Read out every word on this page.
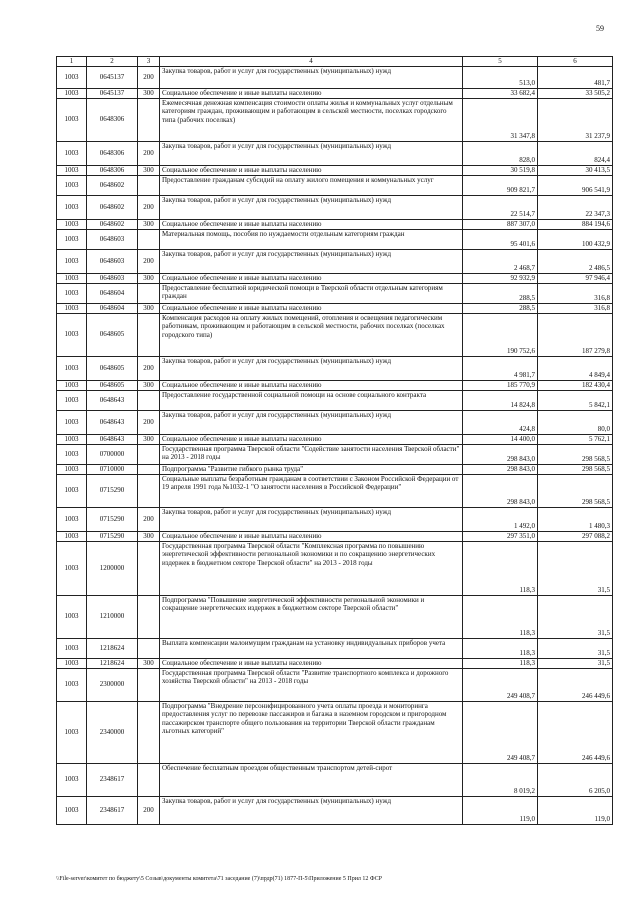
59
1	2	3	4	5	6
1003	0645137	200	Закупка товаров, работ и услуг для государственных (муниципальных) нужд	513,0	481,7
1003	0645137	300	Социальное обеспечение и иные выплаты населению	33 682,4	33 505,2
1003	0648306		Ежемесячная денежная компенсация стоимости оплаты жилья и коммунальных услуг отдельным категориям граждан, проживающим и работающим в сельской местности, поселках городского типа (рабочих поселках)	31 347,8	31 237,9
1003	0648306	200	Закупка товаров, работ и услуг для государственных (муниципальных) нужд	828,0	824,4
1003	0648306	300	Социальное обеспечение и иные выплаты населению	30 519,8	30 413,5
1003	0648602		Предоставление гражданам субсидий на оплату жилого помещения и коммунальных услуг	909 821,7	906 541,9
1003	0648602	200	Закупка товаров, работ и услуг для государственных (муниципальных) нужд	22 514,7	22 347,3
1003	0648602	300	Социальное обеспечение и иные выплаты населению	887 307,0	884 194,6
1003	0648603		Материальная помощь, пособия по нуждаемости отдельным категориям граждан	95 401,6	100 432,9
1003	0648603	200	Закупка товаров, работ и услуг для государственных (муниципальных) нужд	2 468,7	2 486,5
1003	0648603	300	Социальное обеспечение и иные выплаты населению	92 932,9	97 946,4
1003	0648604		Предоставление бесплатной юридической помощи в Тверской области отдельным категориям граждан	288,5	316,8
1003	0648604	300	Социальное обеспечение и иные выплаты населению	288,5	316,8
1003	0648605		Компенсация расходов на оплату жилых помещений, отопления и освещения педагогическим работникам, проживающим и работающим в сельской местности, рабочих поселках (поселках городского типа)	190 752,6	187 279,8
1003	0648605	200	Закупка товаров, работ и услуг для государственных (муниципальных) нужд	4 981,7	4 849,4
1003	0648605	300	Социальное обеспечение и иные выплаты населению	185 770,9	182 430,4
1003	0648643		Предоставление государственной социальной помощи на основе социального контракта	14 824,8	5 842,1
1003	0648643	200	Закупка товаров, работ и услуг для государственных (муниципальных) нужд	424,8	80,0
1003	0648643	300	Социальное обеспечение и иные выплаты населению	14 400,0	5 762,1
1003	0700000		Государственная программа Тверской области "Содействие занятости населения Тверской области" на 2013 - 2018 годы	298 843,0	298 568,5
1003	0710000		Подпрограмма "Развитие гибкого рынка труда"	298 843,0	298 568,5
1003	0715290		Социальные выплаты безработным гражданам в соответствии с Законом Российской Федерации от 19 апреля 1991 года №1032-1 "О занятости населения в Российской Федерации"	298 843,0	298 568,5
1003	0715290	200	Закупка товаров, работ и услуг для государственных (муниципальных) нужд	1 492,0	1 480,3
1003	0715290	300	Социальное обеспечение и иные выплаты населению	297 351,0	297 088,2
1003	1200000		Государственная программа Тверской области "Комплексная программа по повышению энергетической эффективности региональной экономики и по сокращению энергетических издержек в бюджетном секторе Тверской области" на 2013 - 2018 годы	118,3	31,5
1003	1210000		Подпрограмма "Повышение энергетической эффективности региональной экономики и сокращение энергетических издержек в бюджетном секторе Тверской области"	118,3	31,5
1003	1218624		Выплата компенсации малоимущим гражданам на установку индивидуальных приборов учета	118,3	31,5
1003	1218624	300	Социальное обеспечение и иные выплаты населению	118,3	31,5
1003	2300000		Государственная программа Тверской области "Развитие транспортного комплекса и дорожного хозяйства Тверской области" на 2013 - 2018 годы	249 408,7	246 449,6
1003	2340000		Подпрограмма "Внедрение персонифицированного учета оплаты проезда и мониторинга предоставления услуг по перевозке пассажиров и багажа в наземном городском и пригородном пассажирском транспорте общего пользования на территории Тверской области гражданам льготных категорий"	249 408,7	246 449,6
1003	2348617		Обеспечение бесплатным проездом общественным транспортом детей-сирот	8 019,2	6 205,0
1003	2348617	200	Закупка товаров, работ и услуг для государственных (муниципальных) нужд	119,0	119,0
\\File-server\комитет по бюджету\5 Созыв\документы комитета\71 заседание (7)\прдр(71) 1877-П-5\Приложение 5 Прил 12 ФСР
